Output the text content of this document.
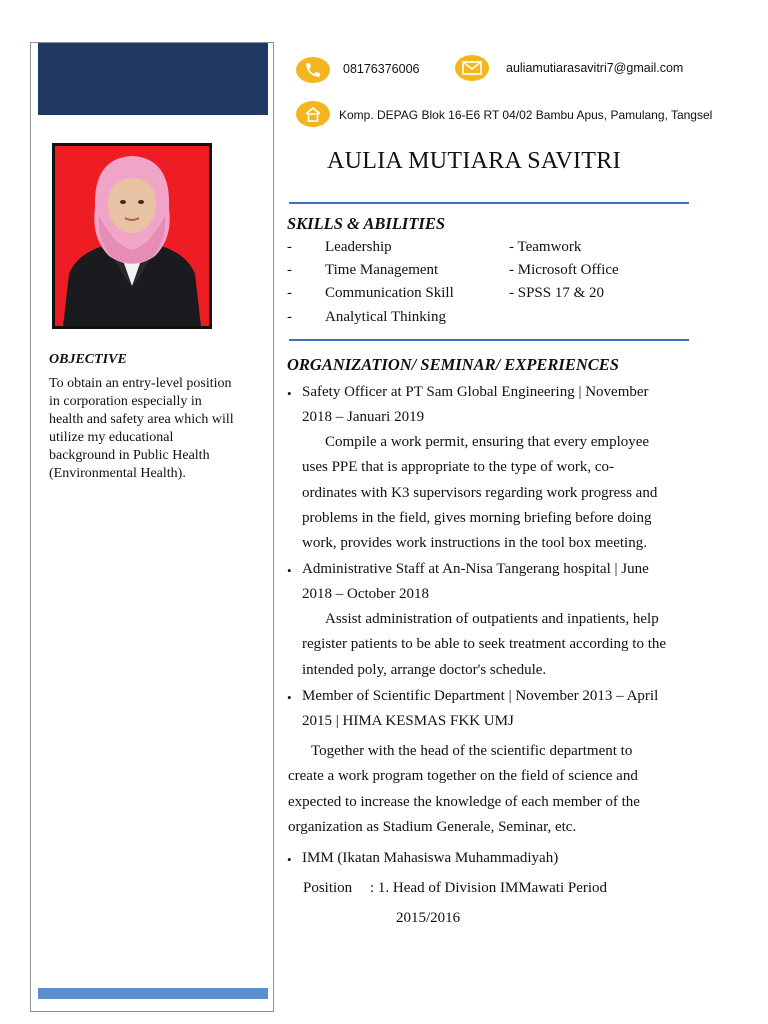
OBJECTIVE
To obtain an entry-level position
in corporation especially in
health and safety area which will
utilize my educational
background in Public Health
(Environmental Health).
08176376006	auliamutiarasavitri7@gmail.com
Komp. DEPAG Blok 16-E6 RT 04/02 Bambu Apus, Pamulang, Tangsel
AULIA MUTIARA SAVITRI
SKILLS & ABILITIES
- Leadership	- Teamwork
- Time Management	- Microsoft Office
- Communication Skill	- SPSS 17 & 20
- Analytical Thinking
ORGANIZATION/ SEMINAR/ EXPERIENCES
• Safety Officer at PT Sam Global Engineering | November
2018 – Januari 2019
Compile a work permit, ensuring that every employee
uses PPE that is appropriate to the type of work, co-
ordinates with K3 supervisors regarding work progress and
problems in the field, gives morning briefing before doing
work, provides work instructions in the tool box meeting.
• Administrative Staff at An-Nisa Tangerang hospital | June
2018 – October 2018
Assist administration of outpatients and inpatients, help
register patients to be able to seek treatment according to the
intended poly, arrange doctor's schedule.
• Member of Scientific Department | November 2013 – April
2015 | HIMA KESMAS FKK UMJ
Together with the head of the scientific department to
create a work program together on the field of science and
expected to increase the knowledge of each member of the
organization as Stadium Generale, Seminar, etc.
• IMM (Ikatan Mahasiswa Muhammadiyah)
Position : 1. Head of Division IMMawati Period
2015/2016
